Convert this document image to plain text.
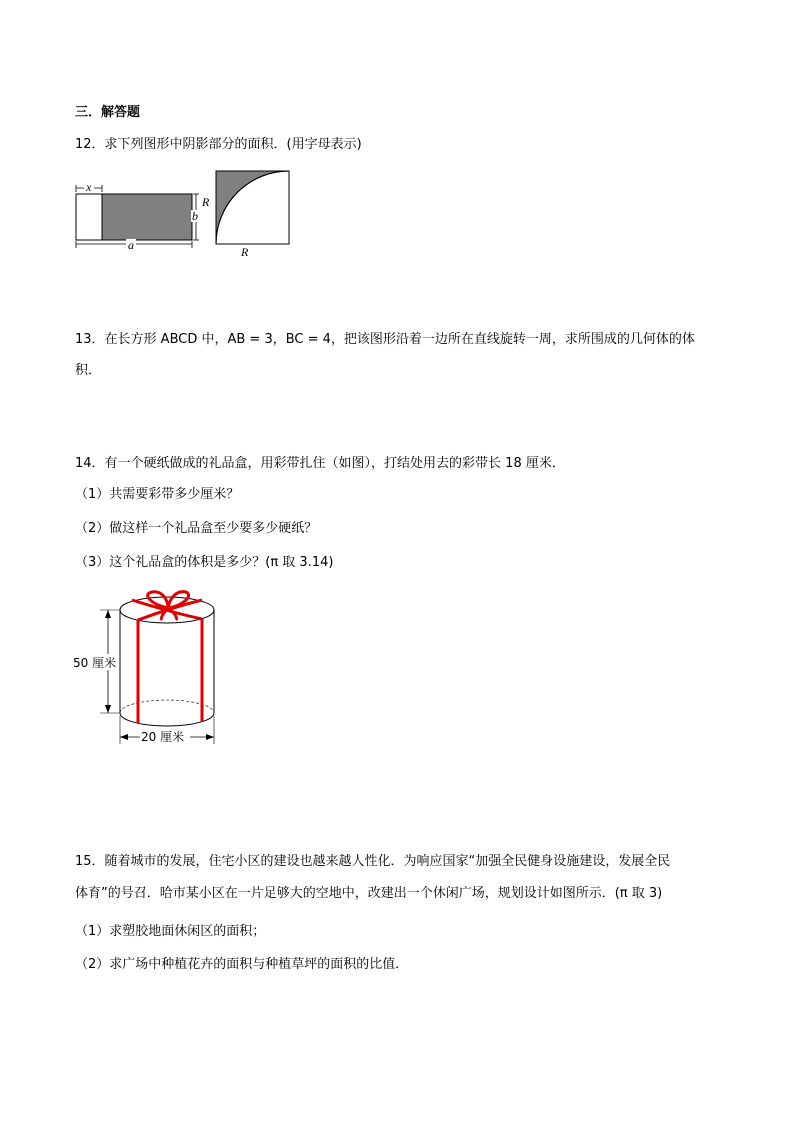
三．解答题
12．求下列图形中阴影部分的面积．(用字母表示)
x
b
a
R
R
13．在长方形 ABCD 中，AB = 3，BC = 4，把该图形沿着一边所在直线旋转一周，求所围成的几何体的体
积．
14．有一个硬纸做成的礼品盒，用彩带扎住（如图），打结处用去的彩带长 18 厘米．
（1）共需要彩带多少厘米？
（2）做这样一个礼品盒至少要多少硬纸？
（3）这个礼品盒的体积是多少？(π 取 3.14)
50 厘米
20 厘米
15．随着城市的发展，住宅小区的建设也越来越人性化．为响应国家“加强全民健身设施建设，发展全民
体育”的号召．哈市某小区在一片足够大的空地中，改建出一个休闲广场，规划设计如图所示．(π 取 3)
（1）求塑胶地面休闲区的面积；
（2）求广场中种植花卉的面积与种植草坪的面积的比值．
